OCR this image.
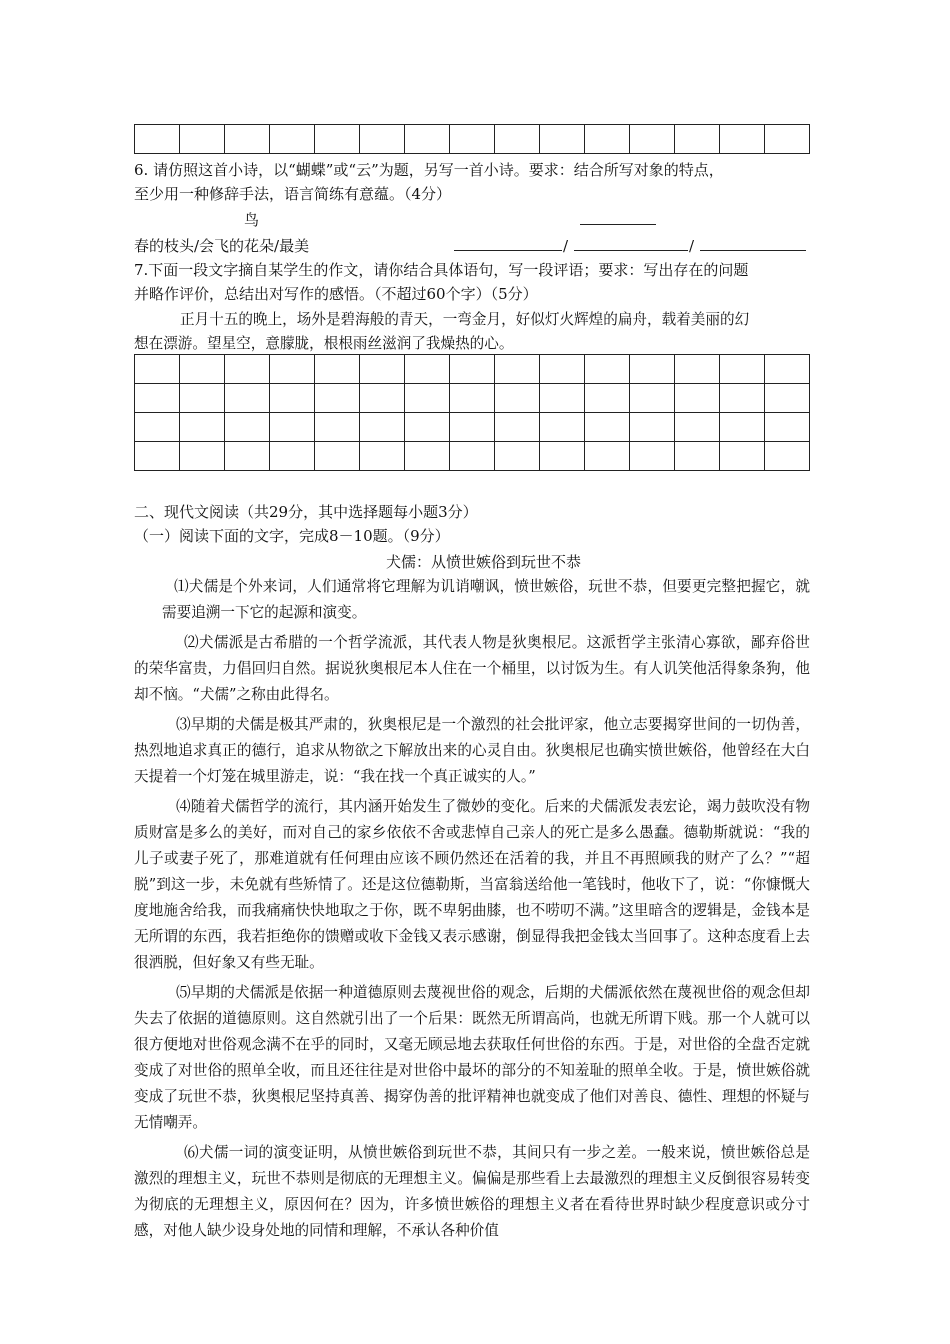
6. 请仿照这首小诗，以“蝴蝶”或“云”为题，另写一首小诗。要求：结合所写对象的特点，
至少用一种修辞手法，语言简练有意蕴。（4分）
鸟
春的枝头/会飞的花朵/最美	/	/
7.下面一段文字摘自某学生的作文，请你结合具体语句，写一段评语；要求：写出存在的问题
并略作评价，总结出对写作的感悟。（不超过60个字）（5分）
正月十五的晚上，场外是碧海般的青天，一弯金月，好似灯火辉煌的扁舟，载着美丽的幻
想在漂游。望星空，意朦胧，根根雨丝滋润了我燥热的心。

二、现代文阅读（共29分，其中选择题每小题3分）
（一）阅读下面的文字，完成8－10题。（9分）
犬儒：从愤世嫉俗到玩世不恭

⑴犬儒是个外来词，人们通常将它理解为讥诮嘲讽，愤世嫉俗，玩世不恭，但要更完整把握它，就需要追溯一下它的起源和演变。

⑵犬儒派是古希腊的一个哲学流派，其代表人物是狄奥根尼。这派哲学主张清心寡欲，鄙弃俗世的荣华富贵，力倡回归自然。据说狄奥根尼本人住在一个桶里，以讨饭为生。有人讥笑他活得象条狗，他却不恼。“犬儒”之称由此得名。

⑶早期的犬儒是极其严肃的，狄奥根尼是一个激烈的社会批评家，他立志要揭穿世间的一切伪善，热烈地追求真正的德行，追求从物欲之下解放出来的心灵自由。狄奥根尼也确实愤世嫉俗，他曾经在大白天提着一个灯笼在城里游走，说：“我在找一个真正诚实的人。”

⑷随着犬儒哲学的流行，其内涵开始发生了微妙的变化。后来的犬儒派发表宏论，竭力鼓吹没有物质财富是多么的美好，而对自己的家乡依依不舍或悲悼自己亲人的死亡是多么愚蠢。德勒斯就说：“我的儿子或妻子死了，那难道就有任何理由应该不顾仍然还在活着的我，并且不再照顾我的财产了么？”“超脱”到这一步，未免就有些矫情了。还是这位德勒斯，当富翁送给他一笔钱时，他收下了，说：“你慷慨大度地施舍给我，而我痛痛快快地取之于你，既不卑躬曲膝，也不唠叨不满。”这里暗含的逻辑是，金钱本是无所谓的东西，我若拒绝你的馈赠或收下金钱又表示感谢，倒显得我把金钱太当回事了。这种态度看上去很洒脱，但好象又有些无耻。

⑸早期的犬儒派是依据一种道德原则去蔑视世俗的观念，后期的犬儒派依然在蔑视世俗的观念但却失去了依据的道德原则。这自然就引出了一个后果：既然无所谓高尚，也就无所谓下贱。那一个人就可以很方便地对世俗观念满不在乎的同时，又毫无顾忌地去获取任何世俗的东西。于是，对世俗的全盘否定就变成了对世俗的照单全收，而且还往往是对世俗中最坏的部分的不知羞耻的照单全收。于是，愤世嫉俗就变成了玩世不恭，狄奥根尼坚持真善、揭穿伪善的批评精神也就变成了他们对善良、德性、理想的怀疑与无情嘲弄。

⑹犬儒一词的演变证明，从愤世嫉俗到玩世不恭，其间只有一步之差。一般来说，愤世嫉俗总是激烈的理想主义，玩世不恭则是彻底的无理想主义。偏偏是那些看上去最激烈的理想主义反倒很容易转变为彻底的无理想主义，原因何在？因为，许多愤世嫉俗的理想主义者在看待世界时缺少程度意识或分寸感，对他人缺少设身处地的同情和理解，不承认各种价值
